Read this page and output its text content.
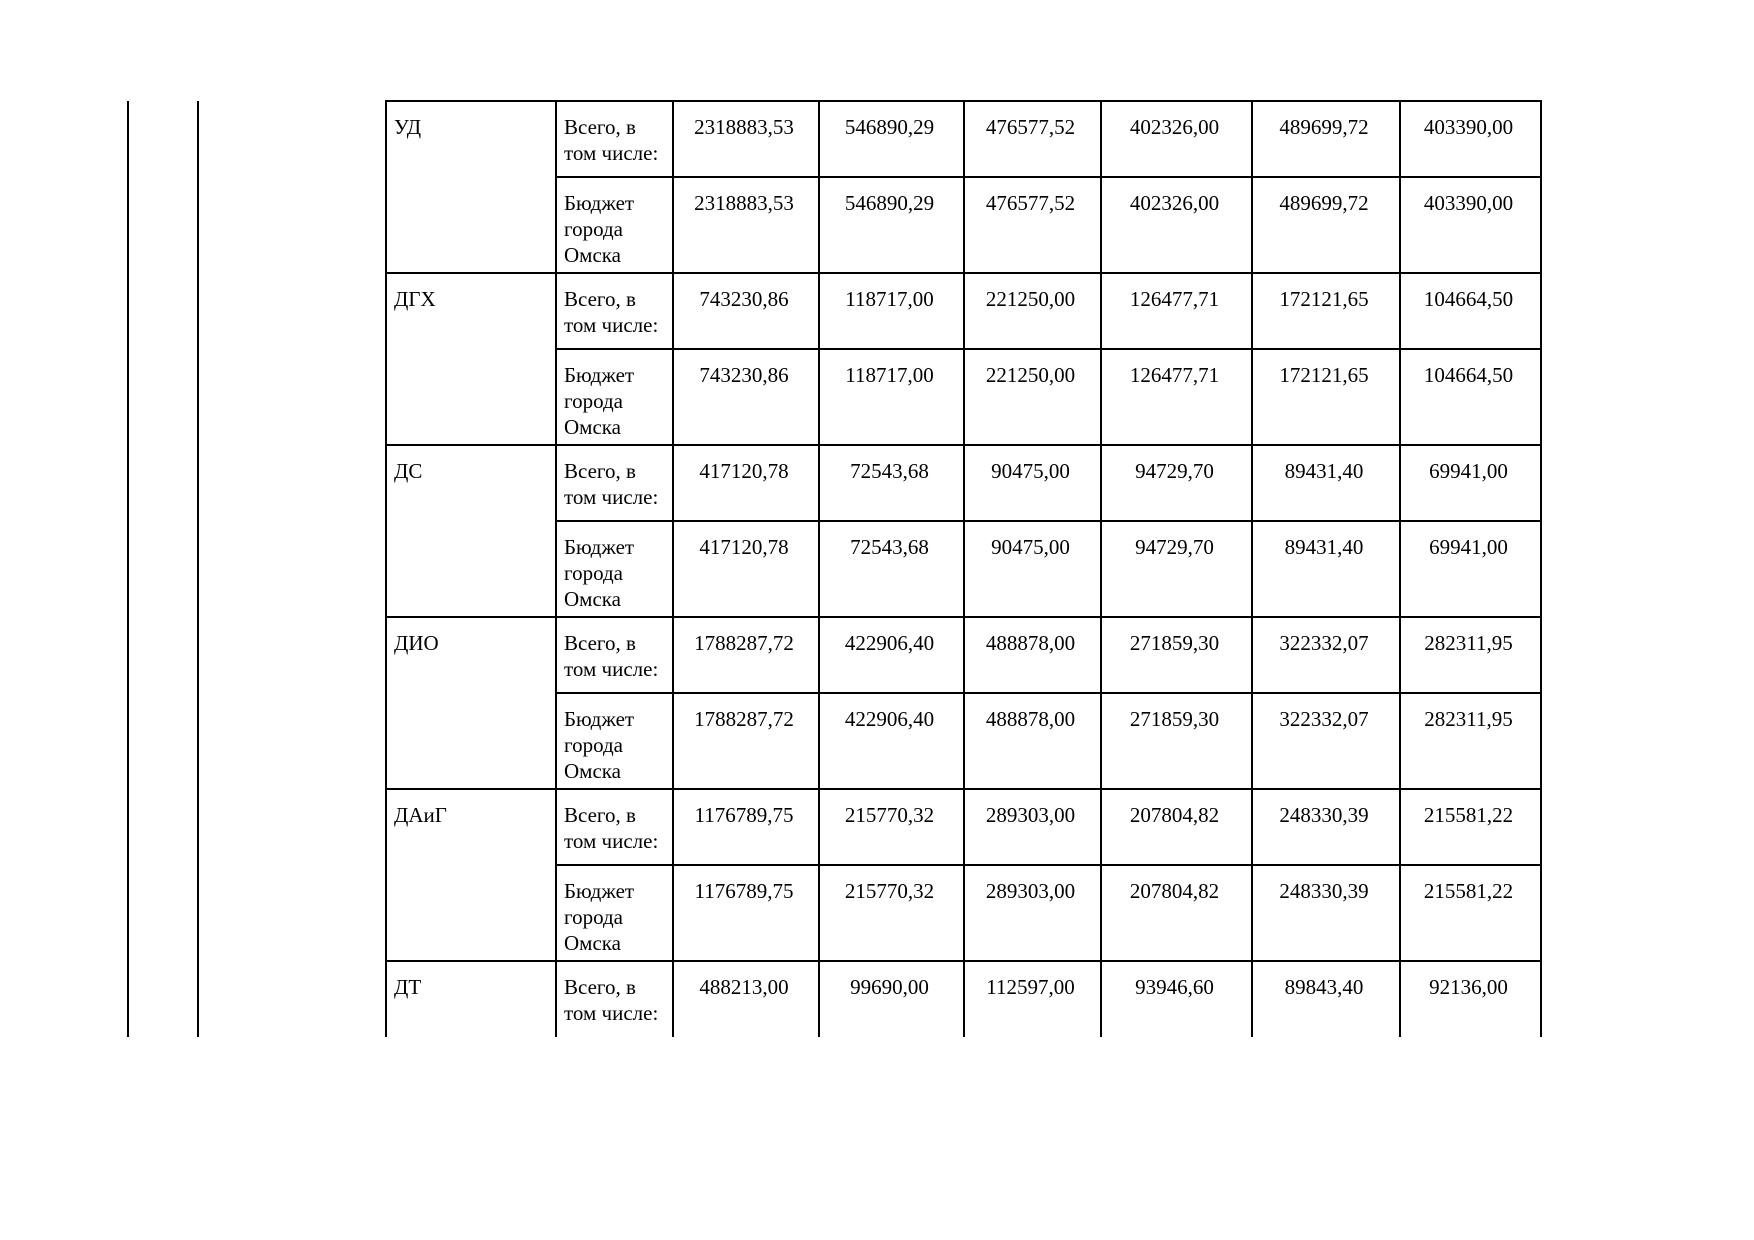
		УД	Всего, в том числе:	2318883,53	546890,29	476577,52	402326,00	489699,72	403390,00
			Бюджет города Омска	2318883,53	546890,29	476577,52	402326,00	489699,72	403390,00
		ДГХ	Всего, в том числе:	743230,86	118717,00	221250,00	126477,71	172121,65	104664,50
			Бюджет города Омска	743230,86	118717,00	221250,00	126477,71	172121,65	104664,50
		ДС	Всего, в том числе:	417120,78	72543,68	90475,00	94729,70	89431,40	69941,00
			Бюджет города Омска	417120,78	72543,68	90475,00	94729,70	89431,40	69941,00
		ДИО	Всего, в том числе:	1788287,72	422906,40	488878,00	271859,30	322332,07	282311,95
			Бюджет города Омска	1788287,72	422906,40	488878,00	271859,30	322332,07	282311,95
		ДАиГ	Всего, в том числе:	1176789,75	215770,32	289303,00	207804,82	248330,39	215581,22
			Бюджет города Омска	1176789,75	215770,32	289303,00	207804,82	248330,39	215581,22
		ДТ	Всего, в том числе:	488213,00	99690,00	112597,00	93946,60	89843,40	92136,00
